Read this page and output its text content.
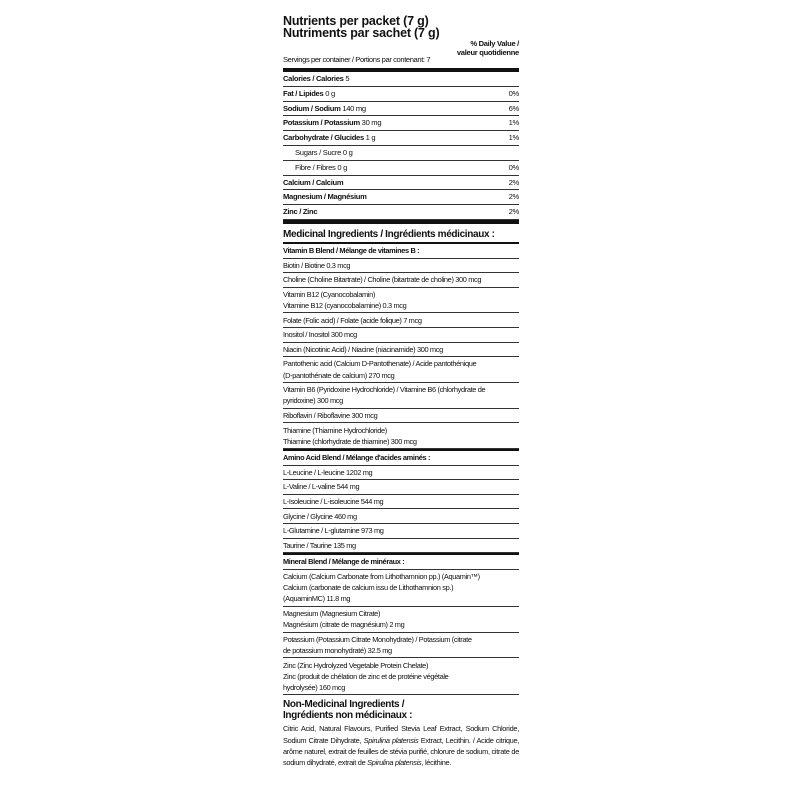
Nutrients per packet (7 g)
Nutriments par sachet (7 g)
% Daily Value /
valeur quotidienne
Servings per container / Portions par contenant: 7
Calories / Calories 5
Fat / Lipides 0 g	0%
Sodium / Sodium 140 mg	6%
Potassium / Potassium 30 mg	1%
Carbohydrate / Glucides 1 g	1%
Sugars / Sucre 0 g
Fibre / Fibres 0 g	0%
Calcium / Calcium	2%
Magnesium / Magnésium	2%
Zinc / Zinc	2%
Medicinal Ingredients / Ingrédients médicinaux :
Vitamin B Blend / Mélange de vitamines B :
Biotin / Biotine 0.3 mcg
Choline (Choline Bitartrate) / Choline (bitartrate de choline) 300 mcg
Vitamin B12 (Cyanocobalamin)
Vitamine B12 (cyanocobalamine) 0.3 mcg
Folate (Folic acid) / Folate (acide folique) 7 mcg
Inositol / Inositol 300 mcg
Niacin (Nicotinic Acid) / Niacine (niacinamide) 300 mcg
Pantothenic acid (Calcium D-Pantothenate) / Acide pantothénique
(D-pantothénate de calcium) 270 mcg
Vitamin B6 (Pyridoxine Hydrochloride) / Vitamine B6 (chlorhydrate de
pyridoxine) 300 mcg
Riboflavin / Riboflavine 300 mcg
Thiamine (Thiamine Hydrochloride)
Thiamine (chlorhydrate de thiamine) 300 mcg
Amino Acid Blend / Mélange d'acides aminés :
L-Leucine / L-leucine 1202 mg
L-Valine / L-valine 544 mg
L-Isoleucine / L-isoleucine 544 mg
Glycine / Glycine 460 mg
L-Glutamine / L-glutamine 973 mg
Taurine / Taurine 135 mg
Mineral Blend / Mélange de minéraux :
Calcium (Calcium Carbonate from Lithothamnion pp.) (Aquamin™)
Calcium (carbonate de calcium issu de Lithothamnion sp.)
(AquaminMC) 11.8 mg
Magnesium (Magnesium Citrate)
Magnésium (citrate de magnésium) 2 mg
Potassium (Potassium Citrate Monohydrate) / Potassium (citrate
de potassium monohydraté) 32.5 mg
Zinc (Zinc Hydrolyzed Vegetable Protein Chelate)
Zinc (produit de chélation de zinc et de protéine végétale
hydrolysée) 160 mcg
Non-Medicinal Ingredients /
Ingrédients non médicinaux :
Citric Acid, Natural Flavours, Purified Stevia Leaf Extract, Sodium Chloride, Sodium Citrate Dihydrate, Spirulina platensis Extract, Lecithin. / Acide citrique, arôme naturel, extrait de feuilles de stévia purifié, chlorure de sodium, citrate de sodium dihydraté, extrait de Spirulina platensis, lécithine.
